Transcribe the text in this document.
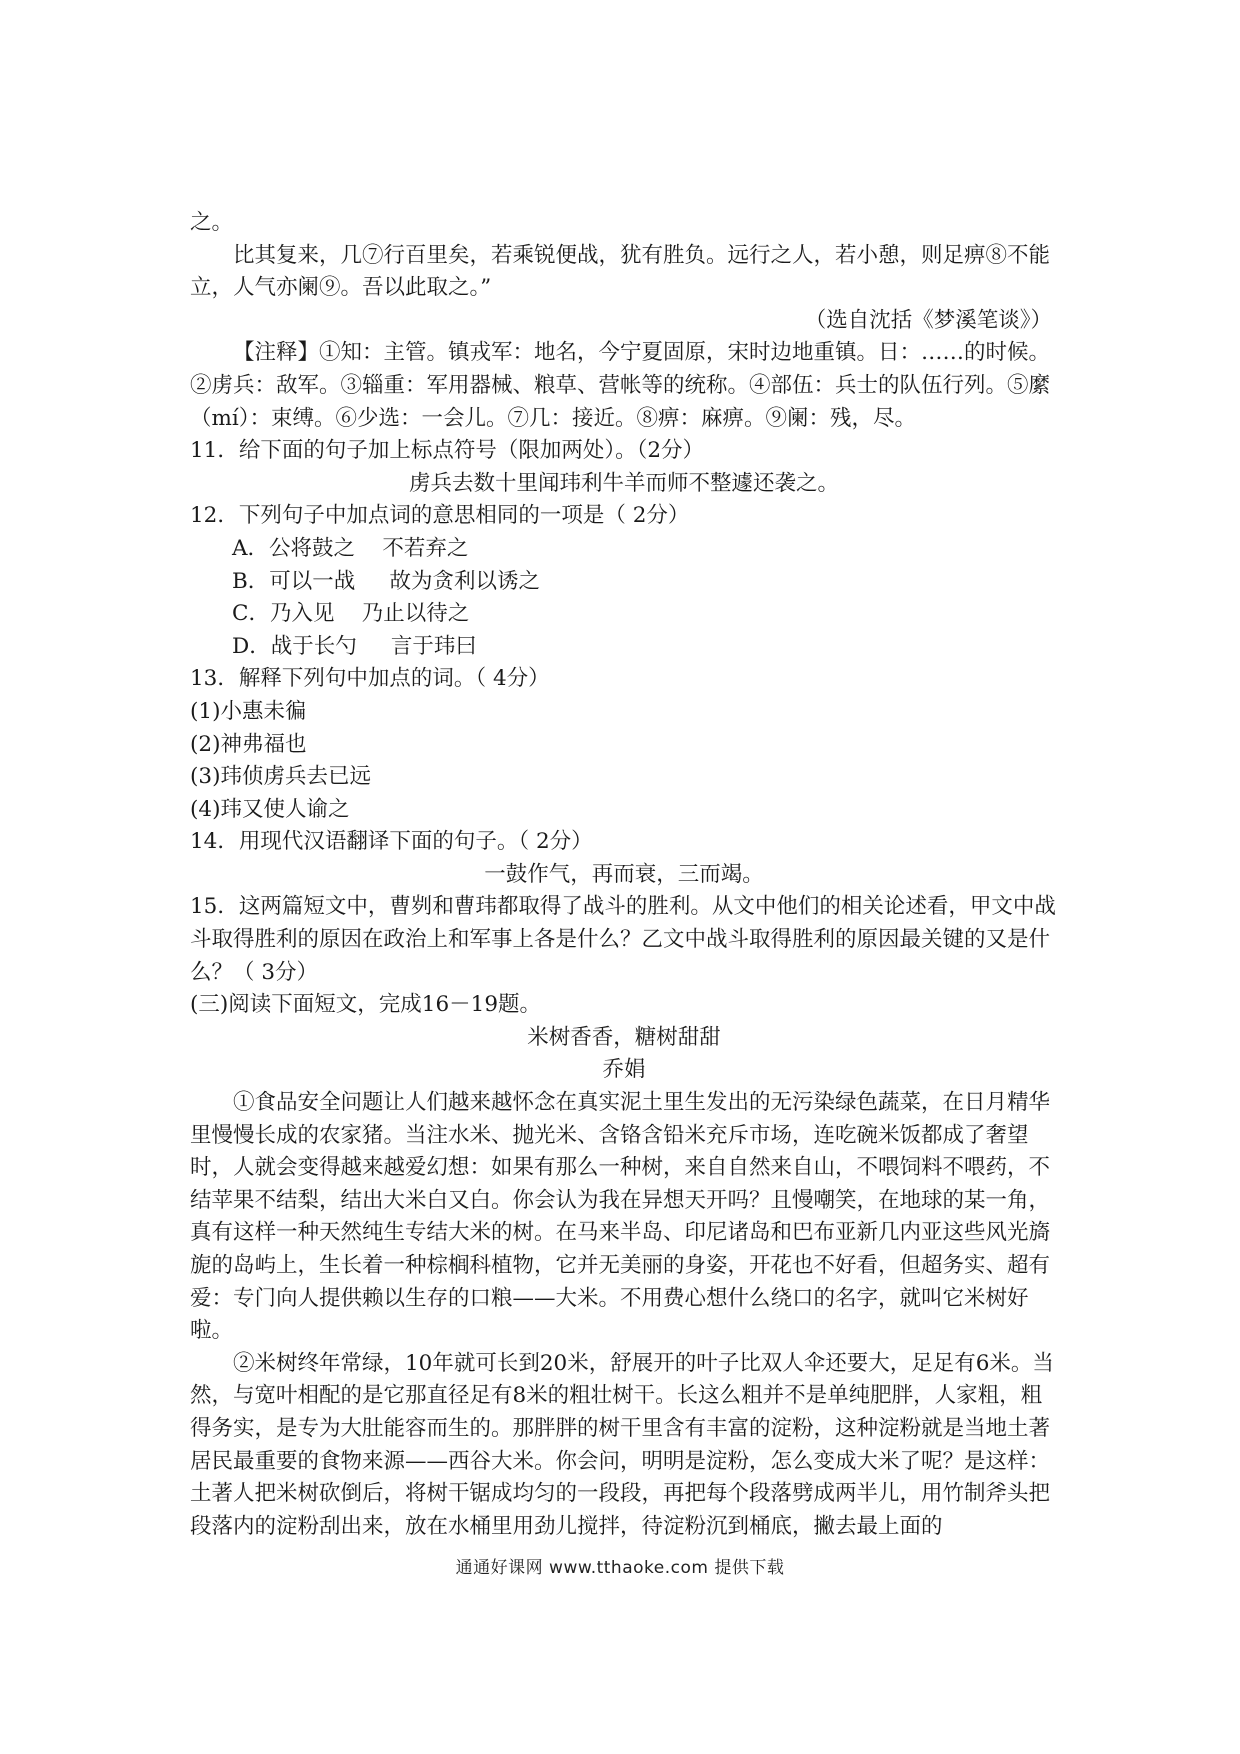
之。

比其复来，几⑦行百里矣，若乘锐便战，犹有胜负。远行之人，若小憩，则足痹⑧不能立，人气亦阑⑨。吾以此取之。”

（选自沈括《梦溪笔谈》）

【注释】①知：主管。镇戎军：地名，今宁夏固原，宋时边地重镇。日：……的时候。②虏兵：敌军。③辎重：军用器械、粮草、营帐等的统称。④部伍：兵士的队伍行列。⑤縻（mí）：束缚。⑥少选：一会儿。⑦几：接近。⑧痹：麻痹。⑨阑：残，尽。

11．给下面的句子加上标点符号（限加两处）。（2分）

虏兵去数十里闻玮利牛羊而师不整遽还袭之。

12．下列句子中加点词的意思相同的一项是（ 2分）

A．公将鼓之    不若弃之

B．可以一战     故为贪利以诱之

C．乃入见    乃止以待之

D．战于长勺     言于玮曰

13．解释下列句中加点的词。（ 4分）

(1)小惠未徧

(2)神弗福也

(3)玮侦虏兵去已远

(4)玮又使人谕之

14．用现代汉语翻译下面的句子。（ 2分）

一鼓作气，再而衰，三而竭。

15．这两篇短文中，曹刿和曹玮都取得了战斗的胜利。从文中他们的相关论述看，甲文中战斗取得胜利的原因在政治上和军事上各是什么？乙文中战斗取得胜利的原因最关键的又是什么？（ 3分）

(三)阅读下面短文，完成16－19题。

米树香香，糖树甜甜

乔娟

①食品安全问题让人们越来越怀念在真实泥土里生发出的无污染绿色蔬菜，在日月精华里慢慢长成的农家猪。当注水米、抛光米、含铬含铅米充斥市场，连吃碗米饭都成了奢望时，人就会变得越来越爱幻想：如果有那么一种树，来自自然来自山，不喂饲料不喂药，不结苹果不结梨，结出大米白又白。你会认为我在异想天开吗？且慢嘲笑，在地球的某一角，真有这样一种天然纯生专结大米的树。在马来半岛、印尼诸岛和巴布亚新几内亚这些风光旖旎的岛屿上，生长着一种棕榈科植物，它并无美丽的身姿，开花也不好看，但超务实、超有爱：专门向人提供赖以生存的口粮——大米。不用费心想什么绕口的名字，就叫它米树好啦。

②米树终年常绿，10年就可长到20米，舒展开的叶子比双人伞还要大，足足有6米。当然，与宽叶相配的是它那直径足有8米的粗壮树干。长这么粗并不是单纯肥胖，人家粗，粗得务实，是专为大肚能容而生的。那胖胖的树干里含有丰富的淀粉，这种淀粉就是当地土著居民最重要的食物来源——西谷大米。你会问，明明是淀粉，怎么变成大米了呢？是这样：土著人把米树砍倒后，将树干锯成均匀的一段段，再把每个段落劈成两半儿，用竹制斧头把段落内的淀粉刮出来，放在水桶里用劲儿搅拌，待淀粉沉到桶底，撇去最上面的

通通好课网 www.tthaoke.com 提供下载
